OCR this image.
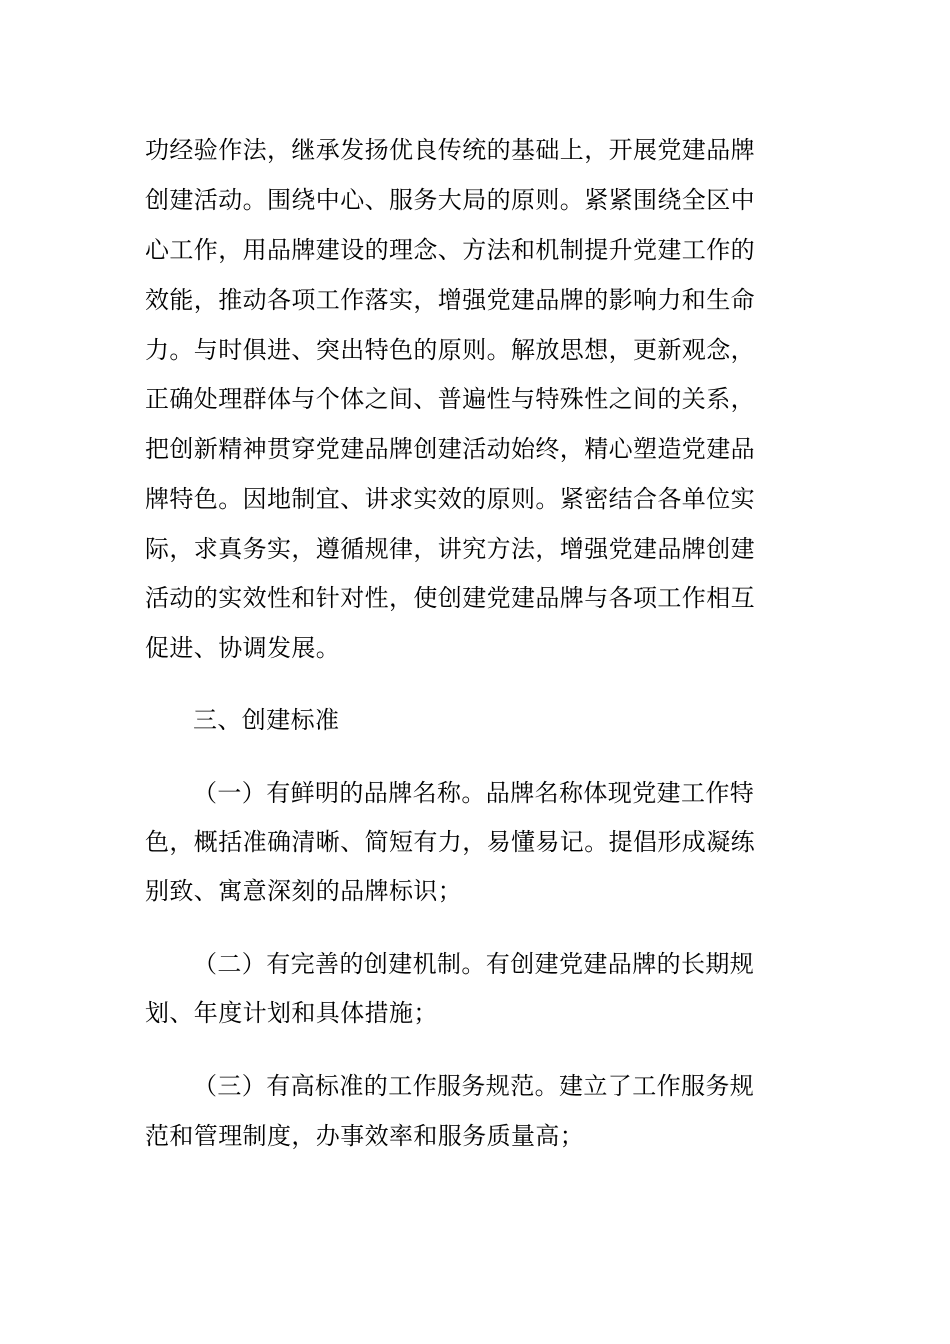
功经验作法，继承发扬优良传统的基础上，开展党建品牌
创建活动。围绕中心、服务大局的原则。紧紧围绕全区中
心工作，用品牌建设的理念、方法和机制提升党建工作的
效能，推动各项工作落实，增强党建品牌的影响力和生命
力。与时俱进、突出特色的原则。解放思想，更新观念，
正确处理群体与个体之间、普遍性与特殊性之间的关系，
把创新精神贯穿党建品牌创建活动始终，精心塑造党建品
牌特色。因地制宜、讲求实效的原则。紧密结合各单位实
际，求真务实，遵循规律，讲究方法，增强党建品牌创建
活动的实效性和针对性，使创建党建品牌与各项工作相互
促进、协调发展。
三、创建标准
（一）有鲜明的品牌名称。品牌名称体现党建工作特
色，概括准确清晰、简短有力，易懂易记。提倡形成凝练
别致、寓意深刻的品牌标识；
（二）有完善的创建机制。有创建党建品牌的长期规
划、年度计划和具体措施；
（三）有高标准的工作服务规范。建立了工作服务规
范和管理制度，办事效率和服务质量高；
